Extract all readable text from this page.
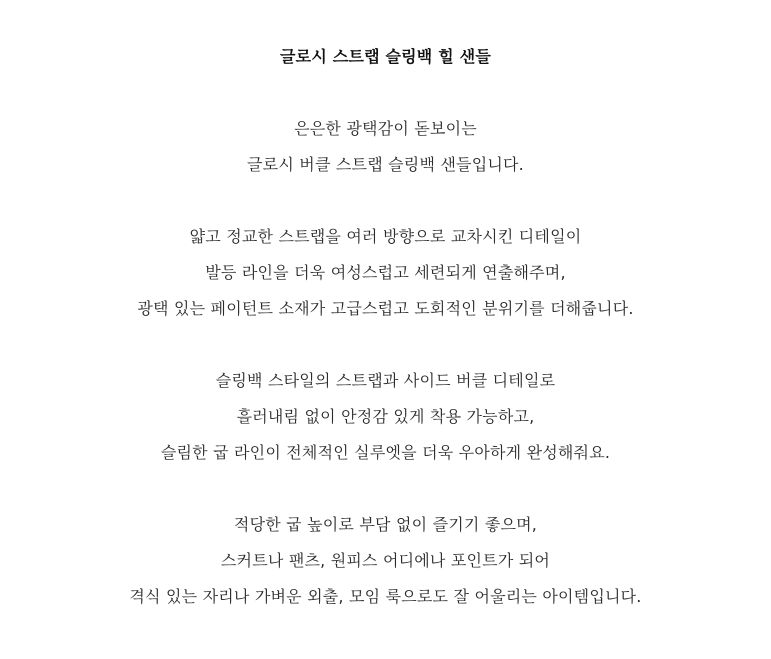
글로시 스트랩 슬링백 힐 샌들
은은한 광택감이 돋보이는
글로시 버클 스트랩 슬링백 샌들입니다.
얇고 정교한 스트랩을 여러 방향으로 교차시킨 디테일이
발등 라인을 더욱 여성스럽고 세련되게 연출해주며,
광택 있는 페이턴트 소재가 고급스럽고 도회적인 분위기를 더해줍니다.
슬링백 스타일의 스트랩과 사이드 버클 디테일로
흘러내림 없이 안정감 있게 착용 가능하고,
슬림한 굽 라인이 전체적인 실루엣을 더욱 우아하게 완성해줘요.
적당한 굽 높이로 부담 없이 즐기기 좋으며,
스커트나 팬츠, 원피스 어디에나 포인트가 되어
격식 있는 자리나 가벼운 외출, 모임 룩으로도 잘 어울리는 아이템입니다.
